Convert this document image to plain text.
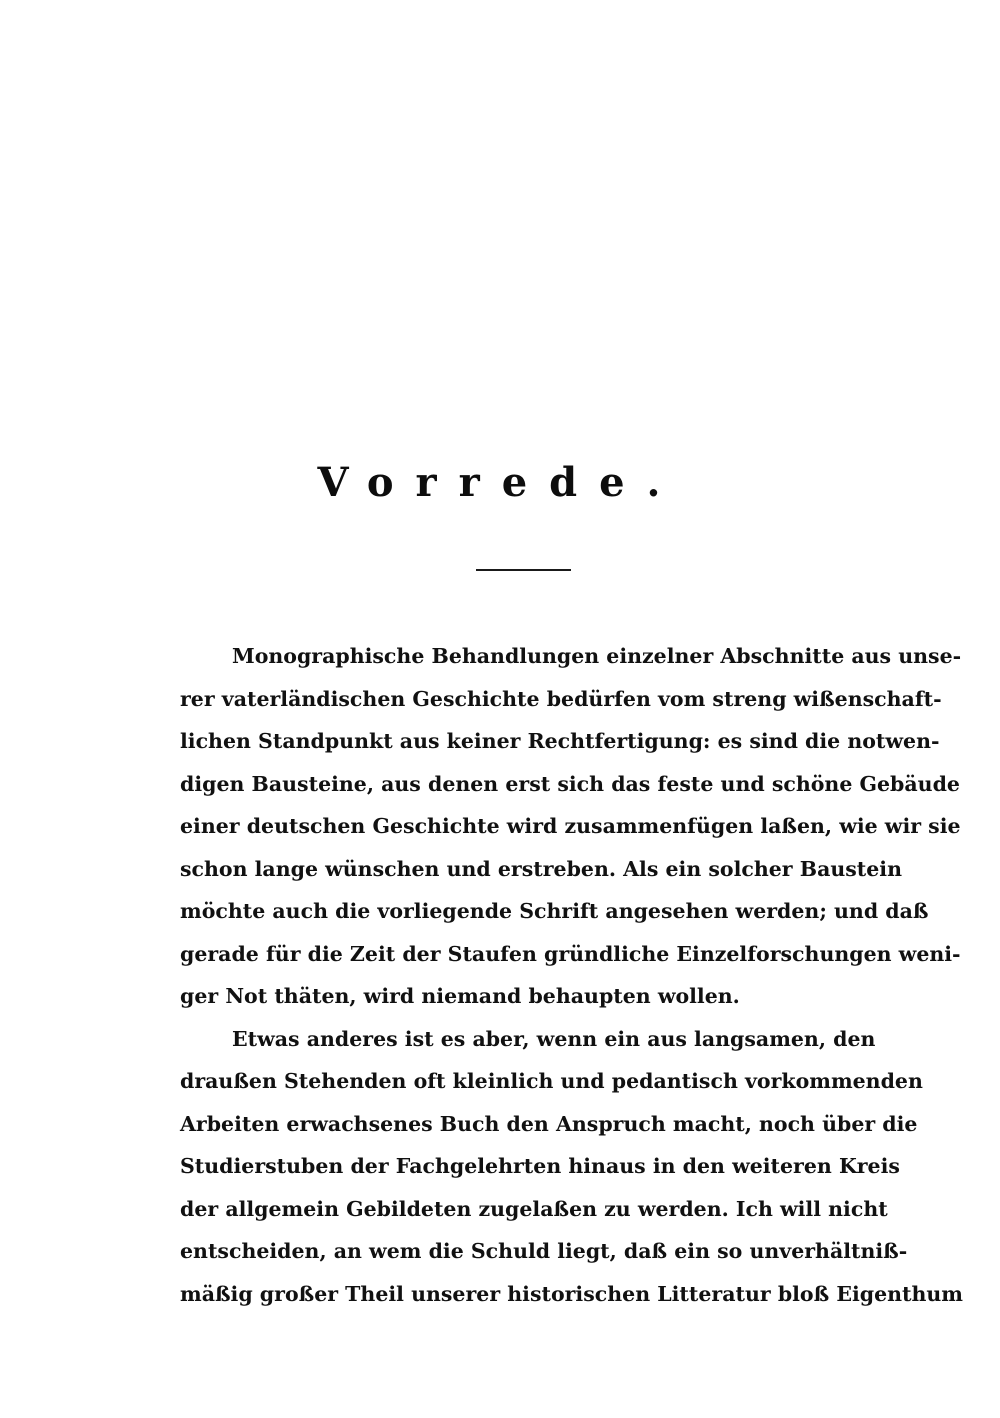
Vorrede.
Monographische Behandlungen einzelner Abschnitte aus unse-
rer vaterländischen Geschichte bedürfen vom streng wißenschaft-
lichen Standpunkt aus keiner Rechtfertigung: es sind die notwen-
digen Bausteine, aus denen erst sich das feste und schöne Gebäude
einer deutschen Geschichte wird zusammenfügen laßen, wie wir sie
schon lange wünschen und erstreben. Als ein solcher Baustein
möchte auch die vorliegende Schrift angesehen werden; und daß
gerade für die Zeit der Staufen gründliche Einzelforschungen weni-
ger Not thäten, wird niemand behaupten wollen.
Etwas anderes ist es aber, wenn ein aus langsamen, den
draußen Stehenden oft kleinlich und pedantisch vorkommenden
Arbeiten erwachsenes Buch den Anspruch macht, noch über die
Studierstuben der Fachgelehrten hinaus in den weiteren Kreis
der allgemein Gebildeten zugelaßen zu werden. Ich will nicht
entscheiden, an wem die Schuld liegt, daß ein so unverhältniß-
mäßig großer Theil unserer historischen Litteratur bloß Eigenthum
